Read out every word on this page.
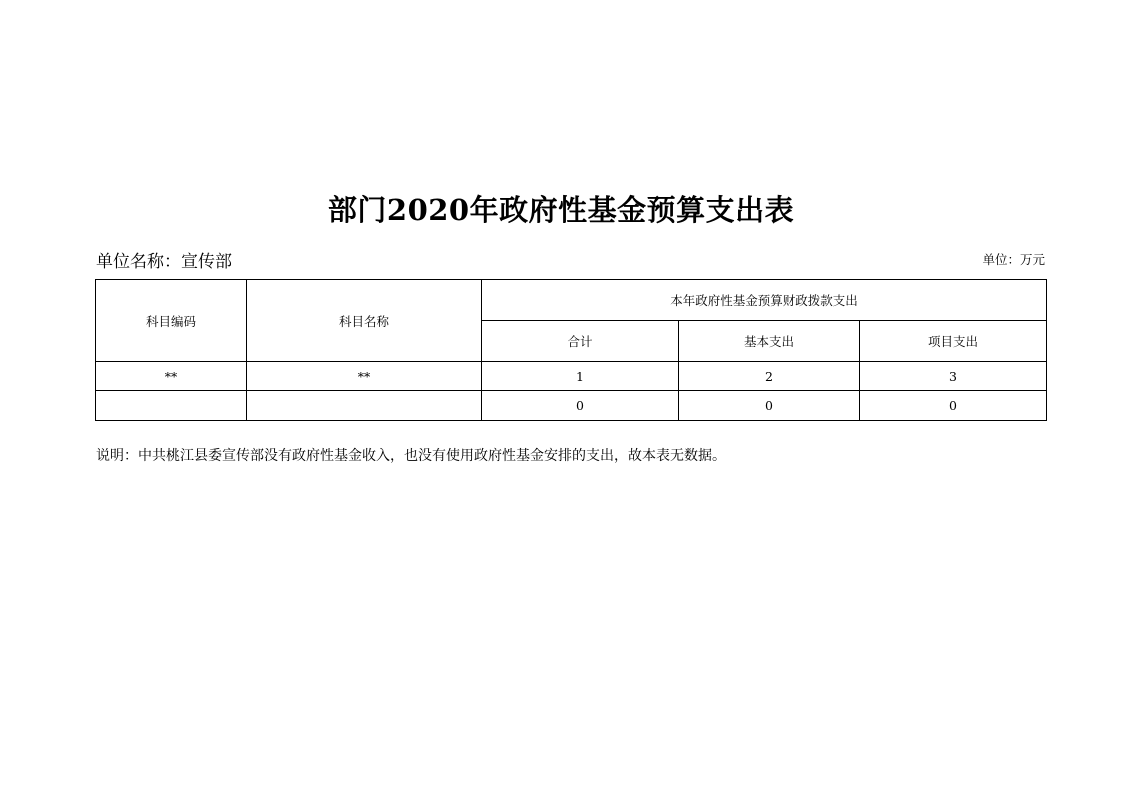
部门2020年政府性基金预算支出表
单位名称：宣传部	单位：万元
科目编码	科目名称	本年政府性基金预算财政拨款支出		
		合计	基本支出	项目支出
**	**	1	2	3
		0	0	0
说明：中共桃江县委宣传部没有政府性基金收入，也没有使用政府性基金安排的支出，故本表无数据。
